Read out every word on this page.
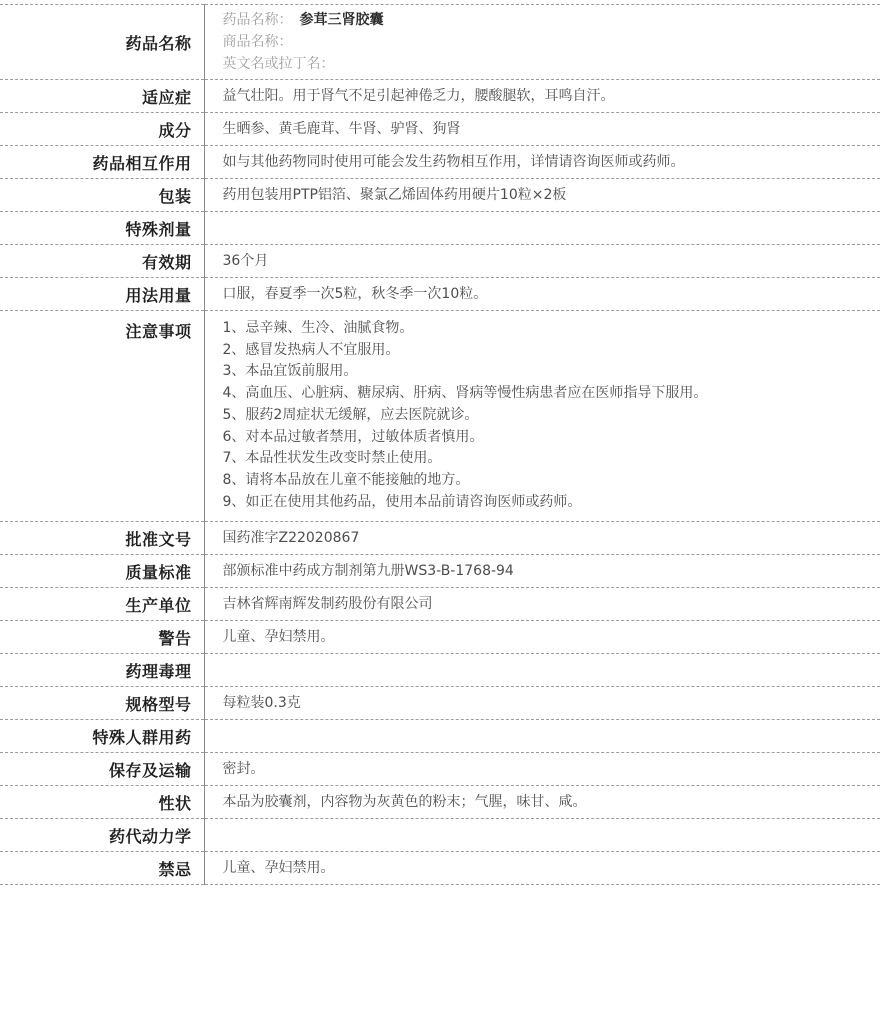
药品名称	药品名称： 参茸三肾胶囊
商品名称：
英文名或拉丁名：

适应症	益气壮阳。用于肾气不足引起神倦乏力，腰酸腿软，耳鸣自汗。
成分	生晒参、黄毛鹿茸、牛肾、驴肾、狗肾
药品相互作用	如与其他药物同时使用可能会发生药物相互作用，详情请咨询医师或药师。
包装	药用包装用PTP铝箔、聚氯乙烯固体药用硬片10粒×2板
特殊剂量	
有效期	36个月
用法用量	口服，春夏季一次5粒，秋冬季一次10粒。
注意事项	1、忌辛辣、生冷、油腻食物。
2、感冒发热病人不宜服用。
3、本品宜饭前服用。
4、高血压、心脏病、糖尿病、肝病、肾病等慢性病患者应在医师指导下服用。
5、服药2周症状无缓解，应去医院就诊。
6、对本品过敏者禁用，过敏体质者慎用。
7、本品性状发生改变时禁止使用。
8、请将本品放在儿童不能接触的地方。
9、如正在使用其他药品，使用本品前请咨询医师或药师。

批准文号	国药准字Z22020867
质量标准	部颁标准中药成方制剂第九册WS3-B-1768-94
生产单位	吉林省辉南辉发制药股份有限公司
警告	儿童、孕妇禁用。
药理毒理	
规格型号	每粒装0.3克
特殊人群用药	
保存及运输	密封。
性状	本品为胶囊剂，内容物为灰黄色的粉末；气腥，味甘、咸。
药代动力学	
禁忌	儿童、孕妇禁用。
